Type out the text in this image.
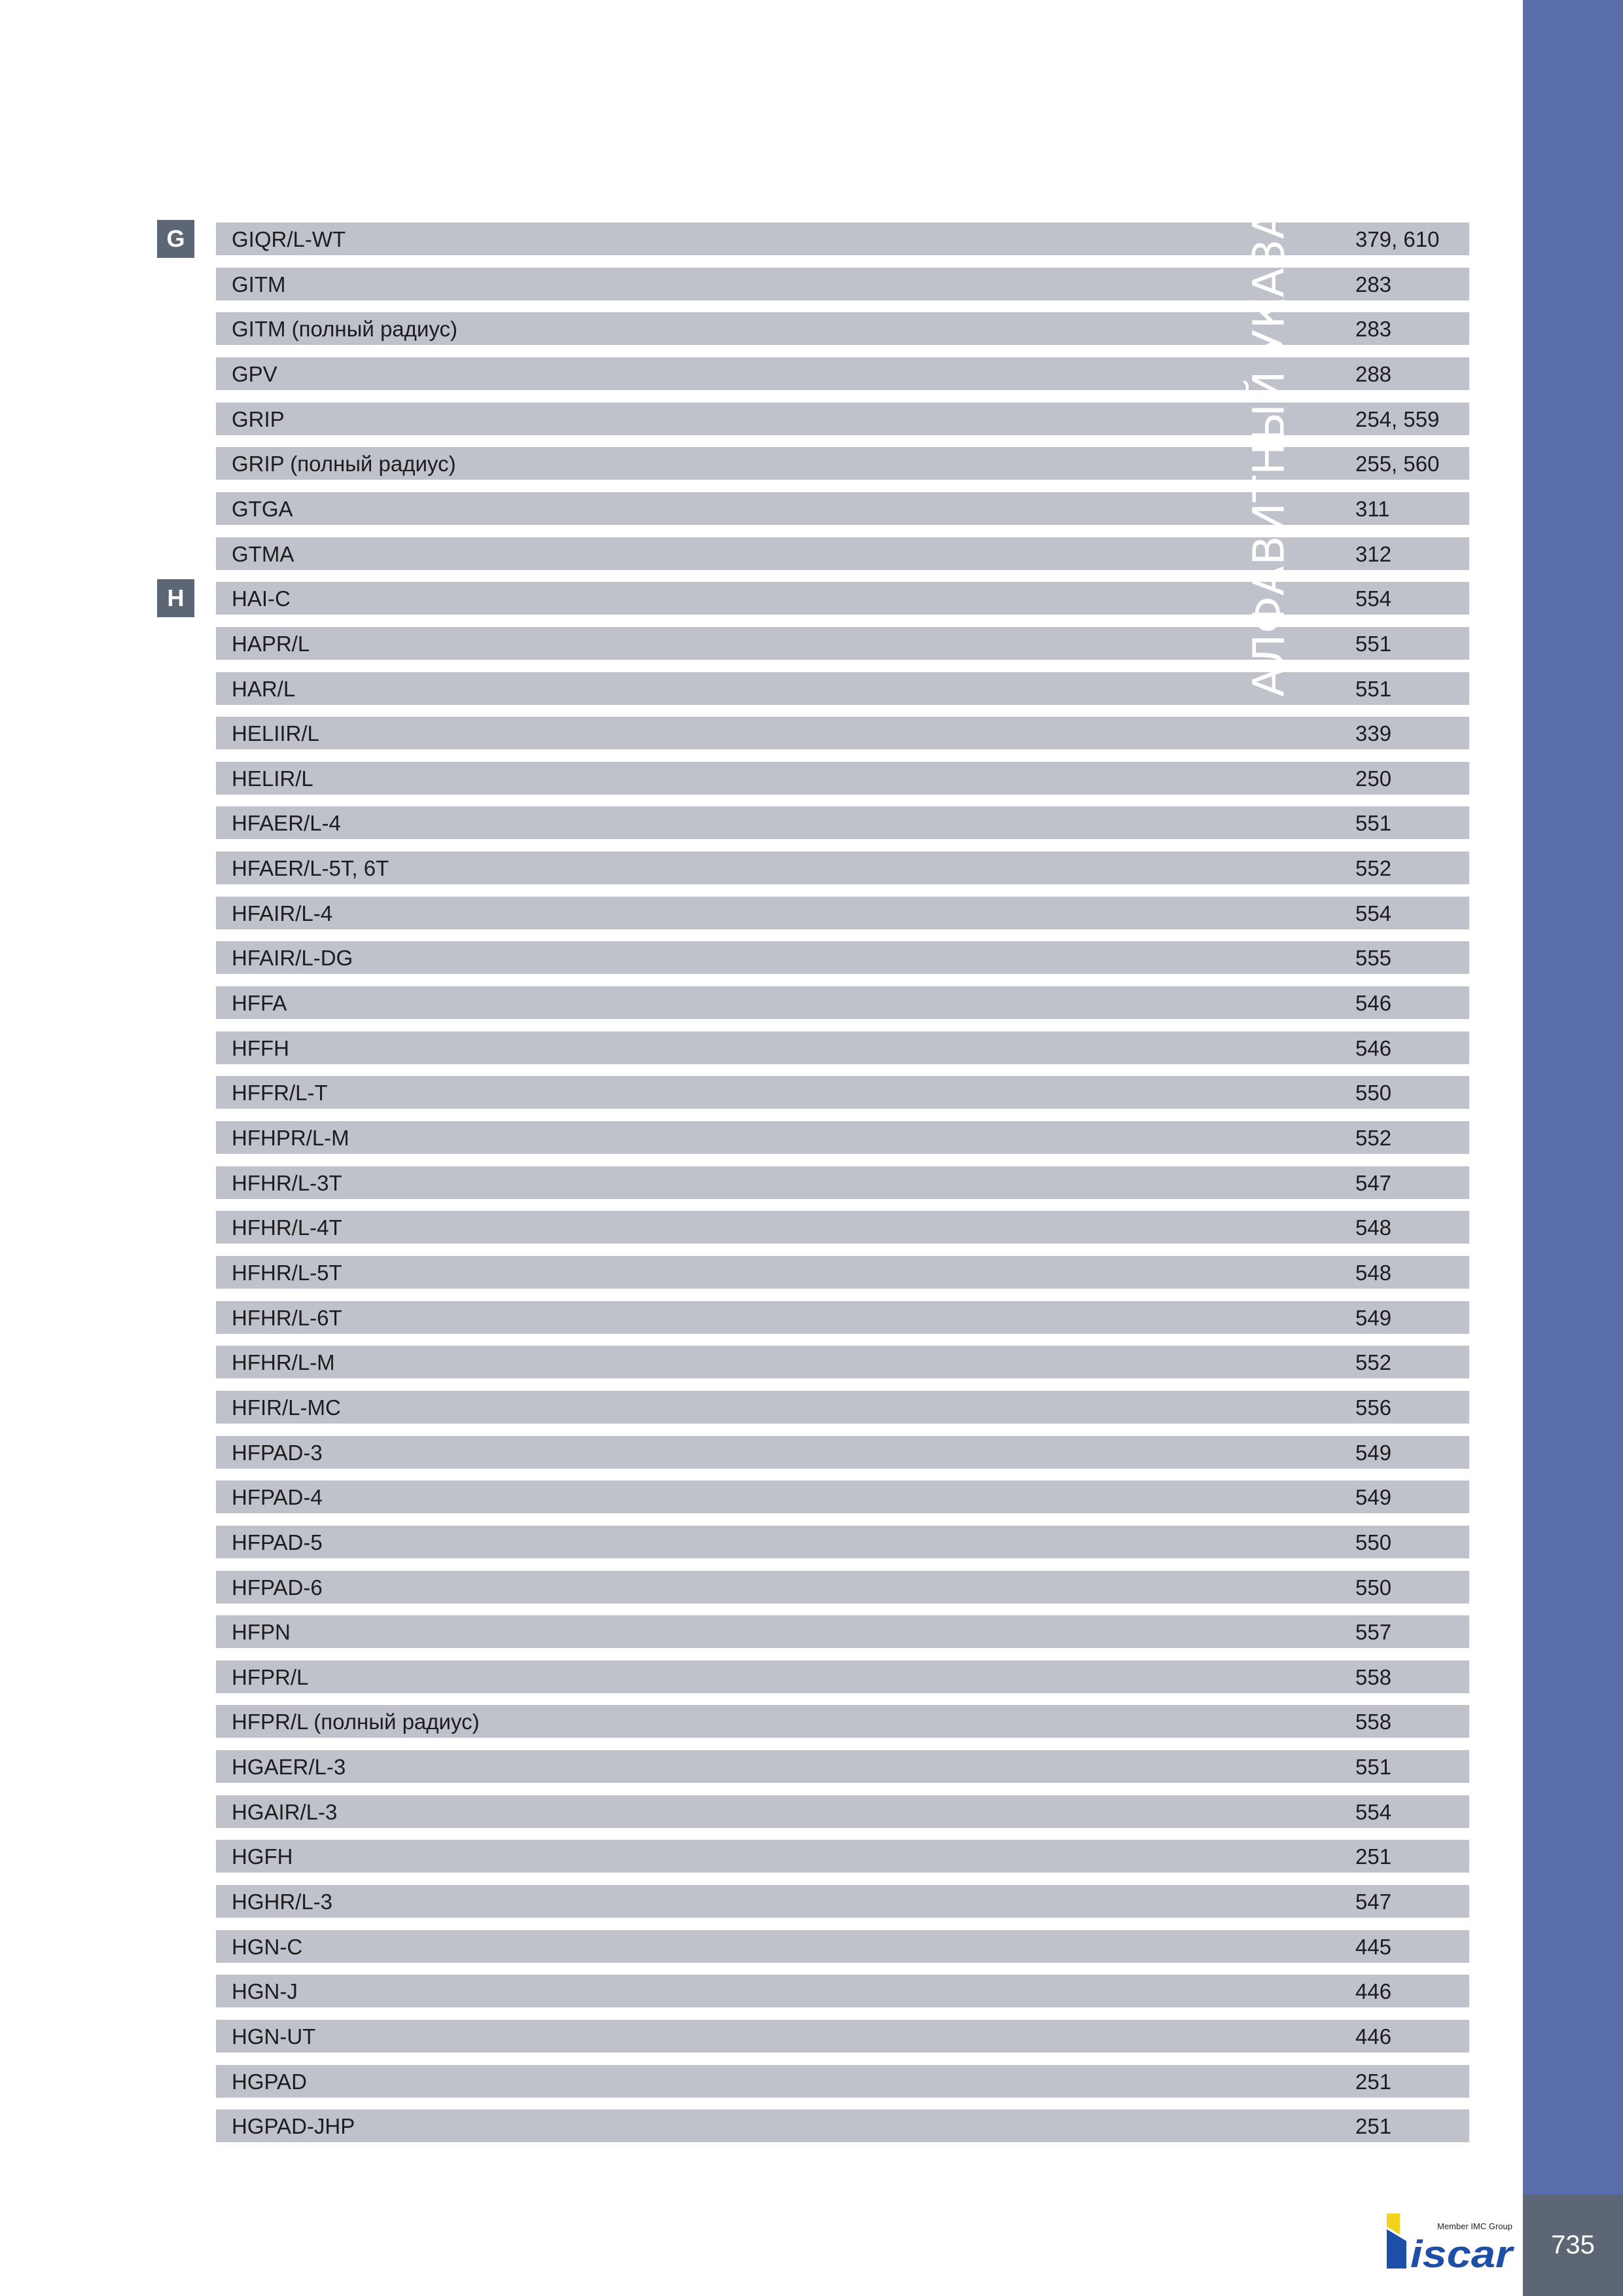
G	GIQR/L-WT	379, 610
GITM	283
GITM (полный радиус)	283
GPV	288
GRIP	254, 559
GRIP (полный радиус)	255, 560
GTGA	311
GTMA	312
H	HAI-C	554
HAPR/L	551
HAR/L	551
HELIIR/L	339
HELIR/L	250
HFAER/L-4	551
HFAER/L-5T, 6T	552
HFAIR/L-4	554
HFAIR/L-DG	555
HFFA	546
HFFH	546
HFFR/L-T	550
HFHPR/L-M	552
HFHR/L-3T	547
HFHR/L-4T	548
HFHR/L-5T	548
HFHR/L-6T	549
HFHR/L-M	552
HFIR/L-MC	556
HFPAD-3	549
HFPAD-4	549
HFPAD-5	550
HFPAD-6	550
HFPN	557
HFPR/L	558
HFPR/L (полный радиус)	558
HGAER/L-3	551
HGAIR/L-3	554
HGFH	251
HGHR/L-3	547
HGN-C	445
HGN-J	446
HGN-UT	446
HGPAD	251
HGPAD-JHP	251
АЛФАВИТНЫЙ УКАЗАТЕЛЬ
Member IMC Group
iscar	735
